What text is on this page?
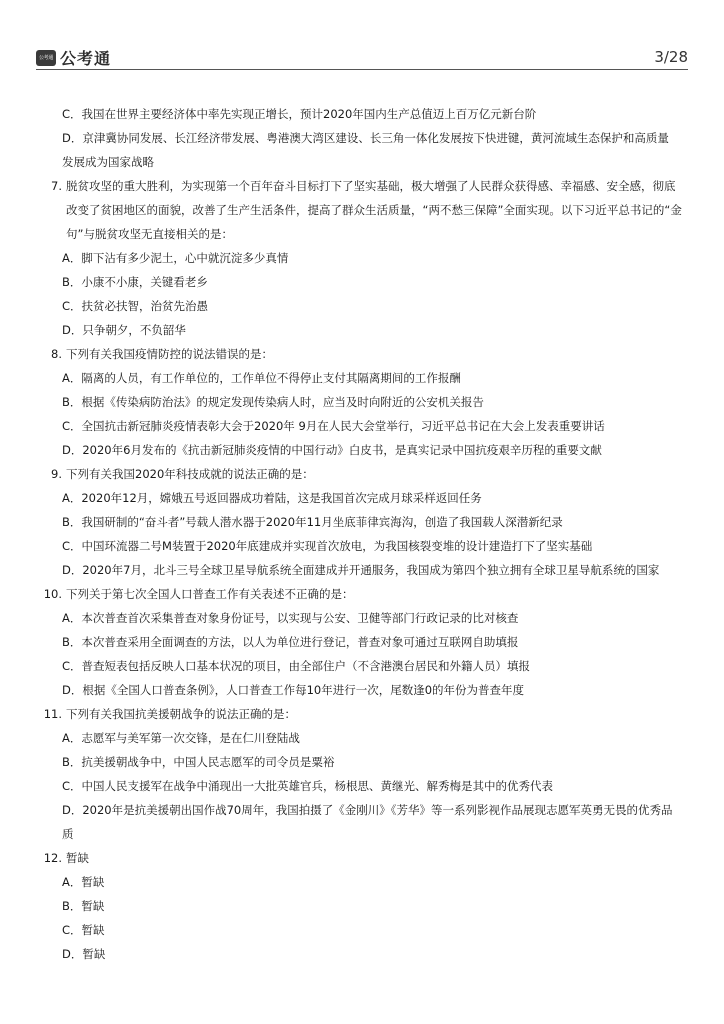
公考通 公考通	3/28
C．我国在世界主要经济体中率先实现正增长，预计2020年国内生产总值迈上百万亿元新台阶
D．京津冀协同发展、长江经济带发展、粤港澳大湾区建设、长三角一体化发展按下快进键，黄河流域生态保护和高质量
发展成为国家战略
7. 脱贫攻坚的重大胜利，为实现第一个百年奋斗目标打下了坚实基础，极大增强了人民群众获得感、幸福感、安全感，彻底
改变了贫困地区的面貌，改善了生产生活条件，提高了群众生活质量，“两不愁三保障”全面实现。以下习近平总书记的“金
句”与脱贫攻坚无直接相关的是：
A．脚下沾有多少泥土，心中就沉淀多少真情
B．小康不小康，关键看老乡
C．扶贫必扶智，治贫先治愚
D．只争朝夕，不负韶华
8. 下列有关我国疫情防控的说法错误的是：
A．隔离的人员，有工作单位的，工作单位不得停止支付其隔离期间的工作报酬
B．根据《传染病防治法》的规定发现传染病人时，应当及时向附近的公安机关报告
C．全国抗击新冠肺炎疫情表彰大会于2020年 9月在人民大会堂举行，习近平总书记在大会上发表重要讲话
D．2020年6月发布的《抗击新冠肺炎疫情的中国行动》白皮书，是真实记录中国抗疫艰辛历程的重要文献
9. 下列有关我国2020年科技成就的说法正确的是：
A．2020年12月，嫦娥五号返回器成功着陆，这是我国首次完成月球采样返回任务
B．我国研制的“奋斗者”号载人潜水器于2020年11月坐底菲律宾海沟，创造了我国载人深潜新纪录
C．中国环流器二号M装置于2020年底建成并实现首次放电，为我国核裂变堆的设计建造打下了坚实基础
D．2020年7月，北斗三号全球卫星导航系统全面建成并开通服务，我国成为第四个独立拥有全球卫星导航系统的国家
10. 下列关于第七次全国人口普查工作有关表述不正确的是：
A．本次普查首次采集普查对象身份证号，以实现与公安、卫健等部门行政记录的比对核查
B．本次普查采用全面调查的方法，以人为单位进行登记，普查对象可通过互联网自助填报
C．普查短表包括反映人口基本状况的项目，由全部住户（不含港澳台居民和外籍人员）填报
D．根据《全国人口普查条例》，人口普查工作每10年进行一次，尾数逢0的年份为普查年度
11. 下列有关我国抗美援朝战争的说法正确的是：
A．志愿军与美军第一次交锋，是在仁川登陆战
B．抗美援朝战争中，中国人民志愿军的司令员是粟裕
C．中国人民支援军在战争中涌现出一大批英雄官兵，杨根思、黄继光、解秀梅是其中的优秀代表
D．2020年是抗美援朝出国作战70周年，我国拍摄了《金刚川》《芳华》等一系列影视作品展现志愿军英勇无畏的优秀品
质
12. 暂缺
A．暂缺
B．暂缺
C．暂缺
D．暂缺
